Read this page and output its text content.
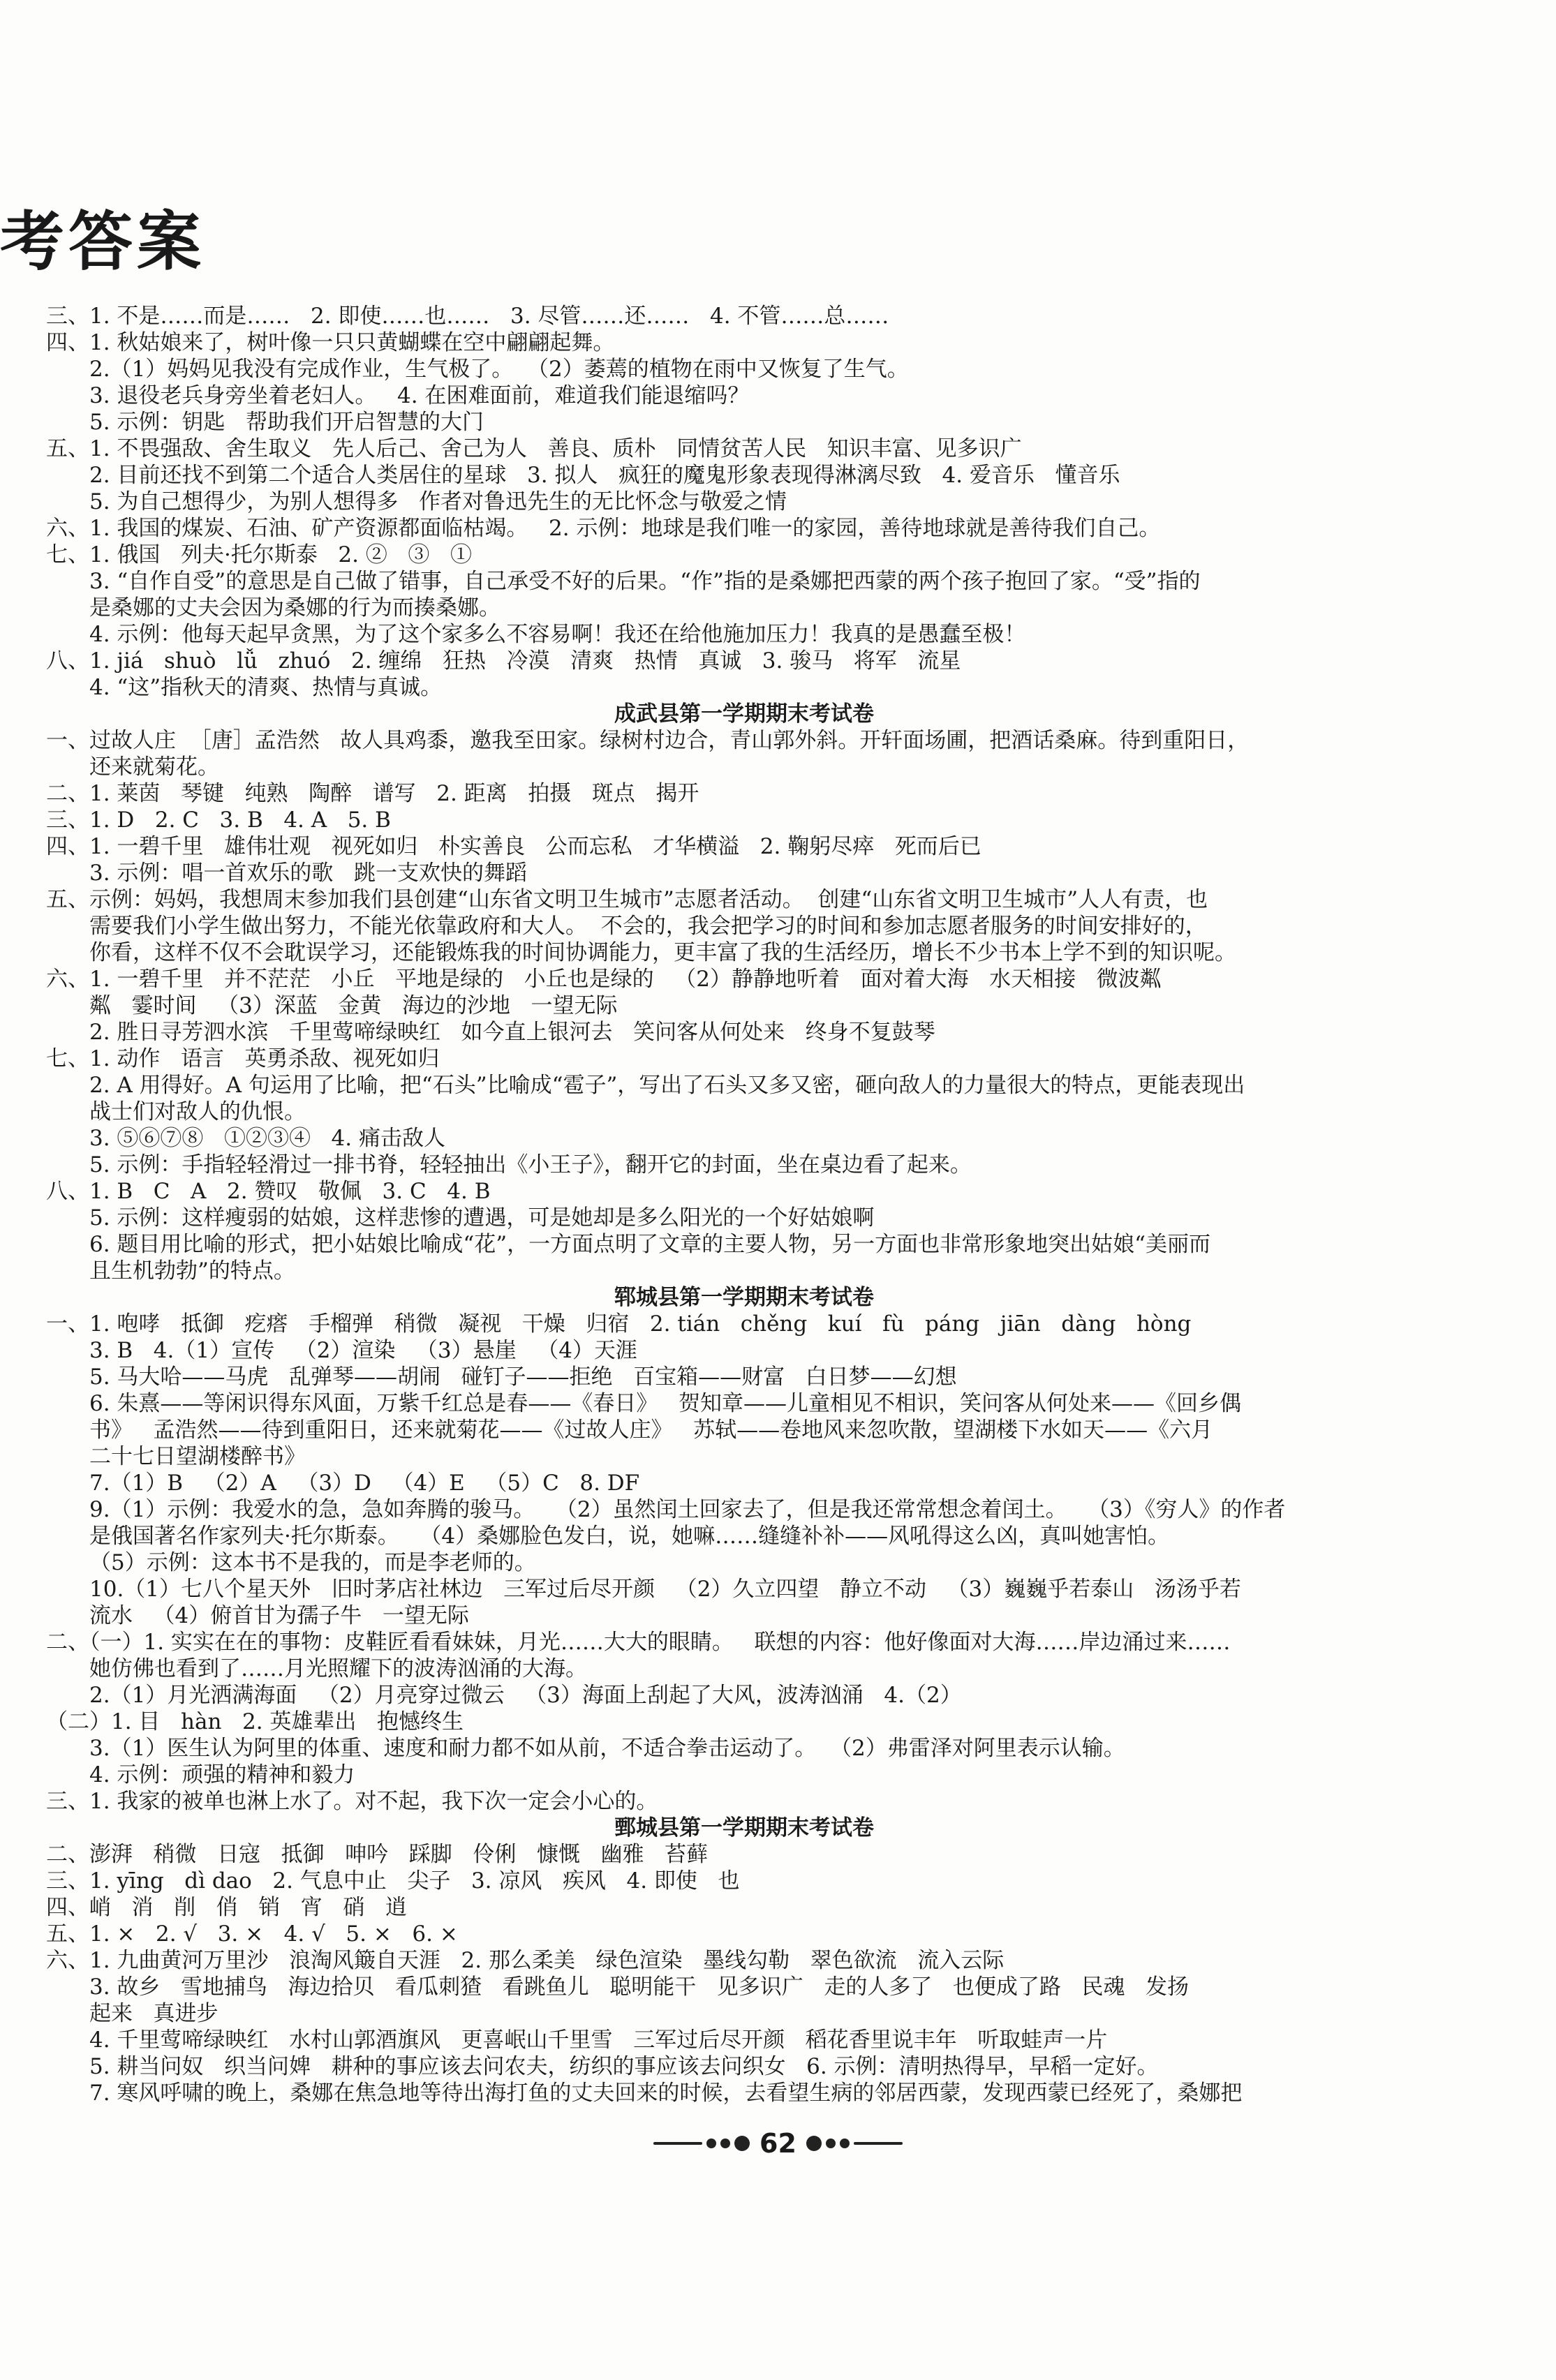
考答案
三、1. 不是……而是……   2. 即使……也……   3. 尽管……还……   4. 不管……总……
四、1. 秋姑娘来了，树叶像一只只黄蝴蝶在空中翩翩起舞。
2.（1）妈妈见我没有完成作业，生气极了。  （2）萎蔫的植物在雨中又恢复了生气。
3. 退役老兵身旁坐着老妇人。   4. 在困难面前，难道我们能退缩吗？
5. 示例：钥匙   帮助我们开启智慧的大门
五、1. 不畏强敌、舍生取义   先人后己、舍己为人   善良、质朴   同情贫苦人民   知识丰富、见多识广
2. 目前还找不到第二个适合人类居住的星球   3. 拟人   疯狂的魔鬼形象表现得淋漓尽致   4. 爱音乐   懂音乐
5. 为自己想得少，为别人想得多   作者对鲁迅先生的无比怀念与敬爱之情
六、1. 我国的煤炭、石油、矿产资源都面临枯竭。   2. 示例：地球是我们唯一的家园，善待地球就是善待我们自己。
七、1. 俄国   列夫·托尔斯泰   2. ②   ③   ①
3. “自作自受”的意思是自己做了错事，自己承受不好的后果。“作”指的是桑娜把西蒙的两个孩子抱回了家。“受”指的
是桑娜的丈夫会因为桑娜的行为而揍桑娜。
4. 示例：他每天起早贪黑，为了这个家多么不容易啊！我还在给他施加压力！我真的是愚蠢至极！
八、1. jiá   shuò   lǚ   zhuó   2. 缠绵   狂热   冷漠   清爽   热情   真诚   3. 骏马   将军   流星
4. “这”指秋天的清爽、热情与真诚。
成武县第一学期期末考试卷
一、过故人庄  ［唐］孟浩然   故人具鸡黍，邀我至田家。绿树村边合，青山郭外斜。开轩面场圃，把酒话桑麻。待到重阳日，
还来就菊花。
二、1. 莱茵   琴键   纯熟   陶醉   谱写   2. 距离   拍摄   斑点   揭开
三、1. D   2. C   3. B   4. A   5. B
四、1. 一碧千里   雄伟壮观   视死如归   朴实善良   公而忘私   才华横溢   2. 鞠躬尽瘁   死而后已
3. 示例：唱一首欢乐的歌   跳一支欢快的舞蹈
五、示例：妈妈，我想周末参加我们县创建“山东省文明卫生城市”志愿者活动。  创建“山东省文明卫生城市”人人有责，也
需要我们小学生做出努力，不能光依靠政府和大人。  不会的，我会把学习的时间和参加志愿者服务的时间安排好的，
你看，这样不仅不会耽误学习，还能锻炼我的时间协调能力，更丰富了我的生活经历，增长不少书本上学不到的知识呢。
六、1. 一碧千里   并不茫茫   小丘   平地是绿的   小丘也是绿的   （2）静静地听着   面对着大海   水天相接   微波粼
粼   霎时间   （3）深蓝   金黄   海边的沙地   一望无际
2. 胜日寻芳泗水滨   千里莺啼绿映红   如今直上银河去   笑问客从何处来   终身不复鼓琴
七、1. 动作   语言   英勇杀敌、视死如归
2. A 用得好。A 句运用了比喻，把“石头”比喻成“雹子”，写出了石头又多又密，砸向敌人的力量很大的特点，更能表现出
战士们对敌人的仇恨。
3. ⑤⑥⑦⑧   ①②③④   4. 痛击敌人
5. 示例：手指轻轻滑过一排书脊，轻轻抽出《小王子》，翻开它的封面，坐在桌边看了起来。
八、1. B   C   A   2. 赞叹   敬佩   3. C   4. B
5. 示例：这样瘦弱的姑娘，这样悲惨的遭遇，可是她却是多么阳光的一个好姑娘啊
6. 题目用比喻的形式，把小姑娘比喻成“花”，一方面点明了文章的主要人物，另一方面也非常形象地突出姑娘“美丽而
且生机勃勃”的特点。
郓城县第一学期期末考试卷
一、1. 咆哮   抵御   疙瘩   手榴弹   稍微   凝视   干燥   归宿   2. tián   chěng   kuí   fù   páng   jiān   dàng   hòng
3. B   4.（1）宣传   （2）渲染   （3）悬崖   （4）天涯
5. 马大哈——马虎   乱弹琴——胡闹   碰钉子——拒绝   百宝箱——财富   白日梦——幻想
6. 朱熹——等闲识得东风面，万紫千红总是春——《春日》   贺知章——儿童相见不相识，笑问客从何处来——《回乡偶
书》   孟浩然——待到重阳日，还来就菊花——《过故人庄》   苏轼——卷地风来忽吹散，望湖楼下水如天——《六月
二十七日望湖楼醉书》
7.（1）B   （2）A   （3）D   （4）E   （5）C   8. DF
9.（1）示例：我爱水的急，急如奔腾的骏马。   （2）虽然闰土回家去了，但是我还常常想念着闰土。   （3）《穷人》的作者
是俄国著名作家列夫·托尔斯泰。   （4）桑娜脸色发白，说，她嘛……缝缝补补——风吼得这么凶，真叫她害怕。
（5）示例：这本书不是我的，而是李老师的。
10.（1）七八个星天外   旧时茅店社林边   三军过后尽开颜   （2）久立四望   静立不动   （3）巍巍乎若泰山   汤汤乎若
流水   （4）俯首甘为孺子牛   一望无际
二、（一）1. 实实在在的事物：皮鞋匠看看妹妹，月光……大大的眼睛。   联想的内容：他好像面对大海……岸边涌过来……
她仿佛也看到了……月光照耀下的波涛汹涌的大海。
2.（1）月光洒满海面   （2）月亮穿过微云   （3）海面上刮起了大风，波涛汹涌   4.（2）
（二）1. 目   hàn   2. 英雄辈出   抱憾终生
3.（1）医生认为阿里的体重、速度和耐力都不如从前，不适合拳击运动了。  （2）弗雷泽对阿里表示认输。
4. 示例：顽强的精神和毅力
三、1. 我家的被单也淋上水了。对不起，我下次一定会小心的。
鄄城县第一学期期末考试卷
二、澎湃   稍微   日寇   抵御   呻吟   踩脚   伶俐   慷慨   幽雅   苔藓
三、1. yīng   dì dao   2. 气息中止   尖子   3. 凉风   疾风   4. 即使   也
四、峭   消   削   俏   销   宵   硝   逍
五、1. ×   2. √   3. ×   4. √   5. ×   6. ×
六、1. 九曲黄河万里沙   浪淘风簸自天涯   2. 那么柔美   绿色渲染   墨线勾勒   翠色欲流   流入云际
3. 故乡   雪地捕鸟   海边拾贝   看瓜刺猹   看跳鱼儿   聪明能干   见多识广   走的人多了   也便成了路   民魂   发扬
起来   真进步
4. 千里莺啼绿映红   水村山郭酒旗风   更喜岷山千里雪   三军过后尽开颜   稻花香里说丰年   听取蛙声一片
5. 耕当问奴   织当问婢   耕种的事应该去问农夫，纺织的事应该去问织女   6. 示例：清明热得早，早稻一定好。
7. 寒风呼啸的晚上，桑娜在焦急地等待出海打鱼的丈夫回来的时候，去看望生病的邻居西蒙，发现西蒙已经死了，桑娜把
62
